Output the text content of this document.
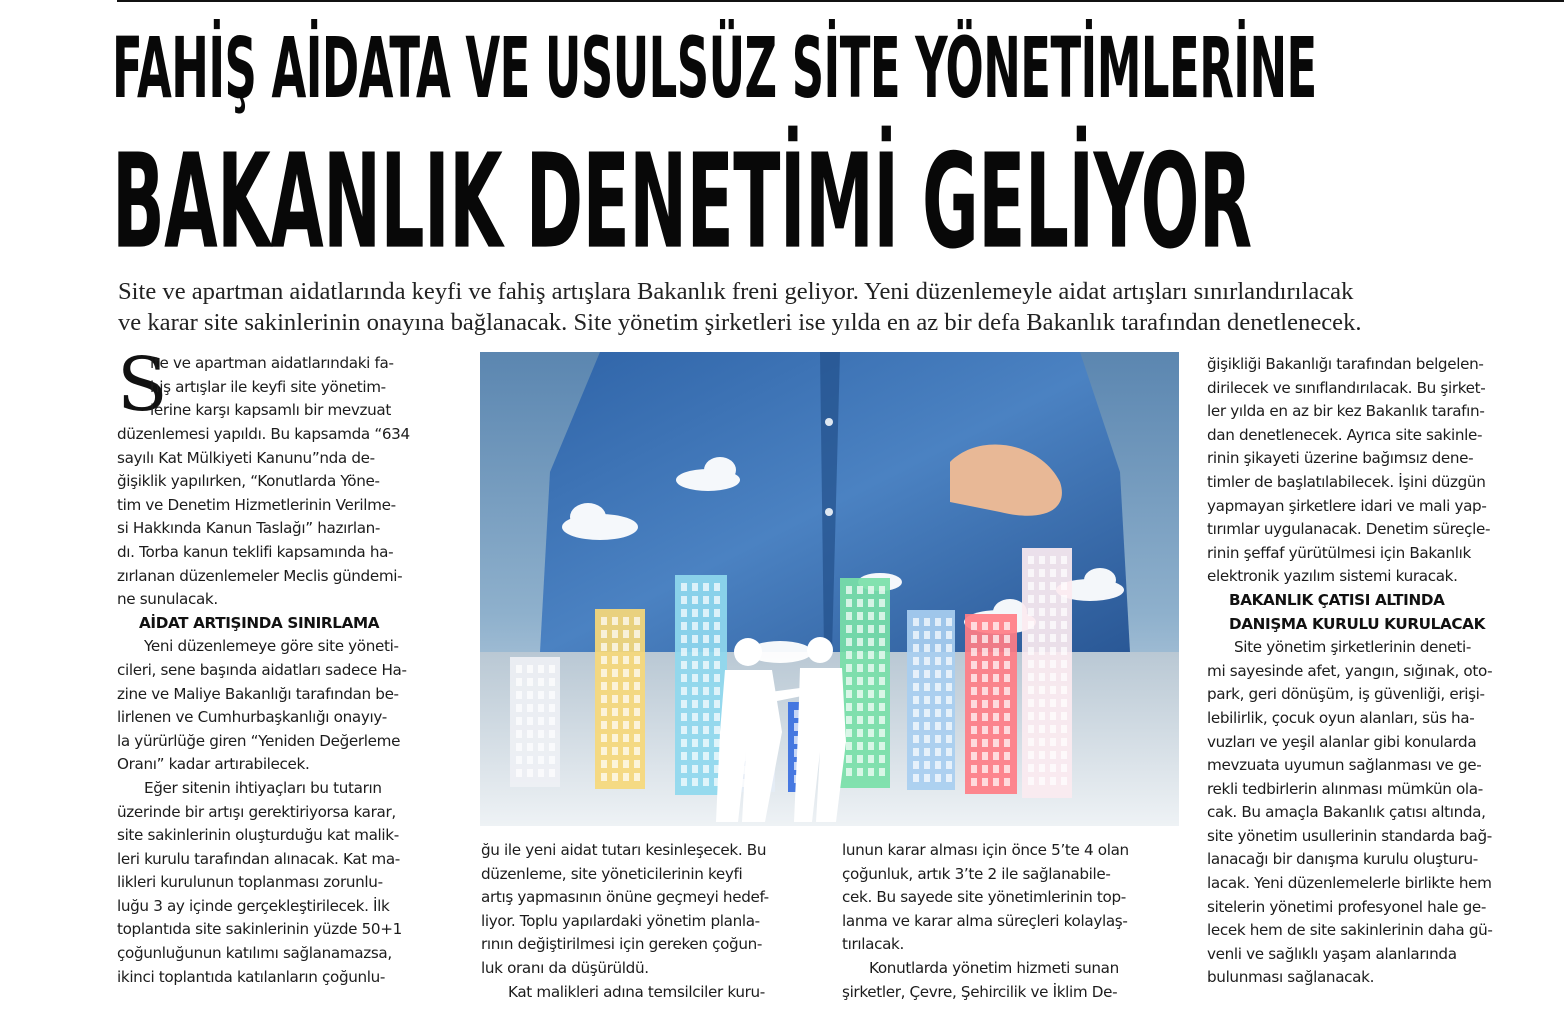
FAHİŞ AİDATA VE USULSÜZ SİTE YÖNETİMLERİNE
BAKANLIK DENETİMİ GELİYOR

Site ve apartman aidatlarında keyfi ve fahiş artışlara Bakanlık freni geliyor. Yeni düzenlemeyle aidat artışları sınırlandırılacak

ve karar site sakinlerinin onayına bağlanacak. Site yönetim şirketleri ise yılda en az bir defa Bakanlık tarafından denetlenecek.

S

ite ve apartman aidatlarındaki fa-

hiş artışlar ile keyfi site yönetim-

lerine karşı kapsamlı bir mevzuat

düzenlemesi yapıldı. Bu kapsamda “634

sayılı Kat Mülkiyeti Kanunu”nda de-

ğişiklik yapılırken, “Konutlarda Yöne-

tim ve Denetim Hizmetlerinin Verilme-

si Hakkında Kanun Taslağı” hazırlan-

dı. Torba kanun teklifi kapsamında ha-

zırlanan düzenlemeler Meclis gündemi-

ne sunulacak.

AİDAT ARTIŞINDA SINIRLAMA

Yeni düzenlemeye göre site yöneti-

cileri, sene başında aidatları sadece Ha-

zine ve Maliye Bakanlığı tarafından be-

lirlenen ve Cumhurbaşkanlığı onayıy-

la yürürlüğe giren “Yeniden Değerleme

Oranı” kadar artırabilecek.

Eğer sitenin ihtiyaçları bu tutarın

üzerinde bir artışı gerektiriyorsa karar,

site sakinlerinin oluşturduğu kat malik-

leri kurulu tarafından alınacak. Kat ma-

likleri kurulunun toplanması zorunlu-

luğu 3 ay içinde gerçekleştirilecek. İlk

toplantıda site sakinlerinin yüzde 50+1

çoğunluğunun katılımı sağlanamazsa,

ikinci toplantıda katılanların çoğunlu-

ğu ile yeni aidat tutarı kesinleşecek. Bu

düzenleme, site yöneticilerinin keyfi

artış yapmasının önüne geçmeyi hedef-

liyor. Toplu yapılardaki yönetim planla-

rının değiştirilmesi için gereken çoğun-

luk oranı da düşürüldü.

Kat malikleri adına temsilciler kuru-

lunun karar alması için önce 5’te 4 olan

çoğunluk, artık 3’te 2 ile sağlanabile-

cek. Bu sayede site yönetimlerinin top-

lanma ve karar alma süreçleri kolaylaş-

tırılacak.

Konutlarda yönetim hizmeti sunan

şirketler, Çevre, Şehircilik ve İklim De-

ğişikliği Bakanlığı tarafından belgelen-

dirilecek ve sınıflandırılacak. Bu şirket-

ler yılda en az bir kez Bakanlık tarafın-

dan denetlenecek. Ayrıca site sakinle-

rinin şikayeti üzerine bağımsız dene-

timler de başlatılabilecek. İşini düzgün

yapmayan şirketlere idari ve mali yap-

tırımlar uygulanacak. Denetim süreçle-

rinin şeffaf yürütülmesi için Bakanlık

elektronik yazılım sistemi kuracak.

BAKANLIK ÇATISI ALTINDA

DANIŞMA KURULU KURULACAK

Site yönetim şirketlerinin deneti-

mi sayesinde afet, yangın, sığınak, oto-

park, geri dönüşüm, iş güvenliği, erişi-

lebilirlik, çocuk oyun alanları, süs ha-

vuzları ve yeşil alanlar gibi konularda

mevzuata uyumun sağlanması ve ge-

rekli tedbirlerin alınması mümkün ola-

cak. Bu amaçla Bakanlık çatısı altında,

site yönetim usullerinin standarda bağ-

lanacağı bir danışma kurulu oluşturu-

lacak. Yeni düzenlemelerle birlikte hem

sitelerin yönetimi profesyonel hale ge-

lecek hem de site sakinlerinin daha gü-

venli ve sağlıklı yaşam alanlarında

bulunması sağlanacak.
